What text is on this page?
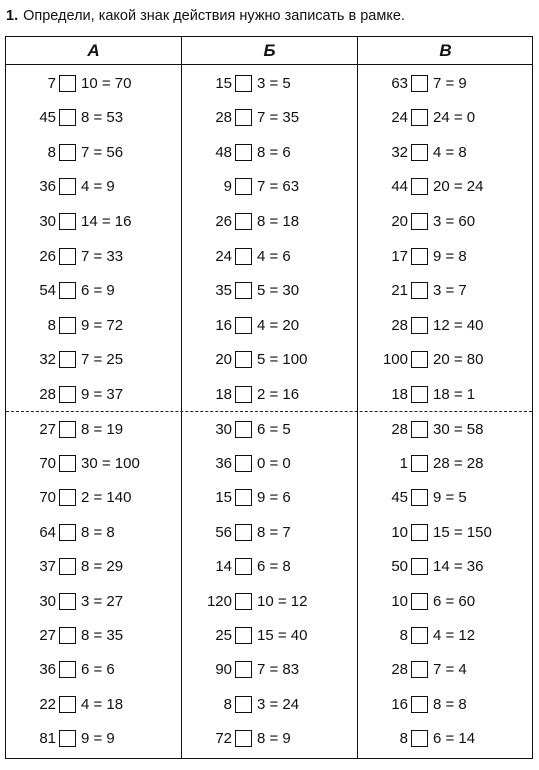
1. Определи, какой знак действия нужно записать в рамке.
А	Б	В
7 10 = 70
45 8 = 53
8 7 = 56
36 4 = 9
30 14 = 16
26 7 = 33
54 6 = 9
8 9 = 72
32 7 = 25
28 9 = 37
27 8 = 19
70 30 = 100
70 2 = 140
64 8 = 8
37 8 = 29
30 3 = 27
27 8 = 35
36 6 = 6
22 4 = 18
81 9 = 9
15 3 = 5
28 7 = 35
48 8 = 6
9 7 = 63
26 8 = 18
24 4 = 6
35 5 = 30
16 4 = 20
20 5 = 100
18 2 = 16
30 6 = 5
36 0 = 0
15 9 = 6
56 8 = 7
14 6 = 8
120 10 = 12
25 15 = 40
90 7 = 83
8 3 = 24
72 8 = 9
63 7 = 9
24 24 = 0
32 4 = 8
44 20 = 24
20 3 = 60
17 9 = 8
21 3 = 7
28 12 = 40
100 20 = 80
18 18 = 1
28 30 = 58
1 28 = 28
45 9 = 5
10 15 = 150
50 14 = 36
10 6 = 60
8 4 = 12
28 7 = 4
16 8 = 8
8 6 = 14
